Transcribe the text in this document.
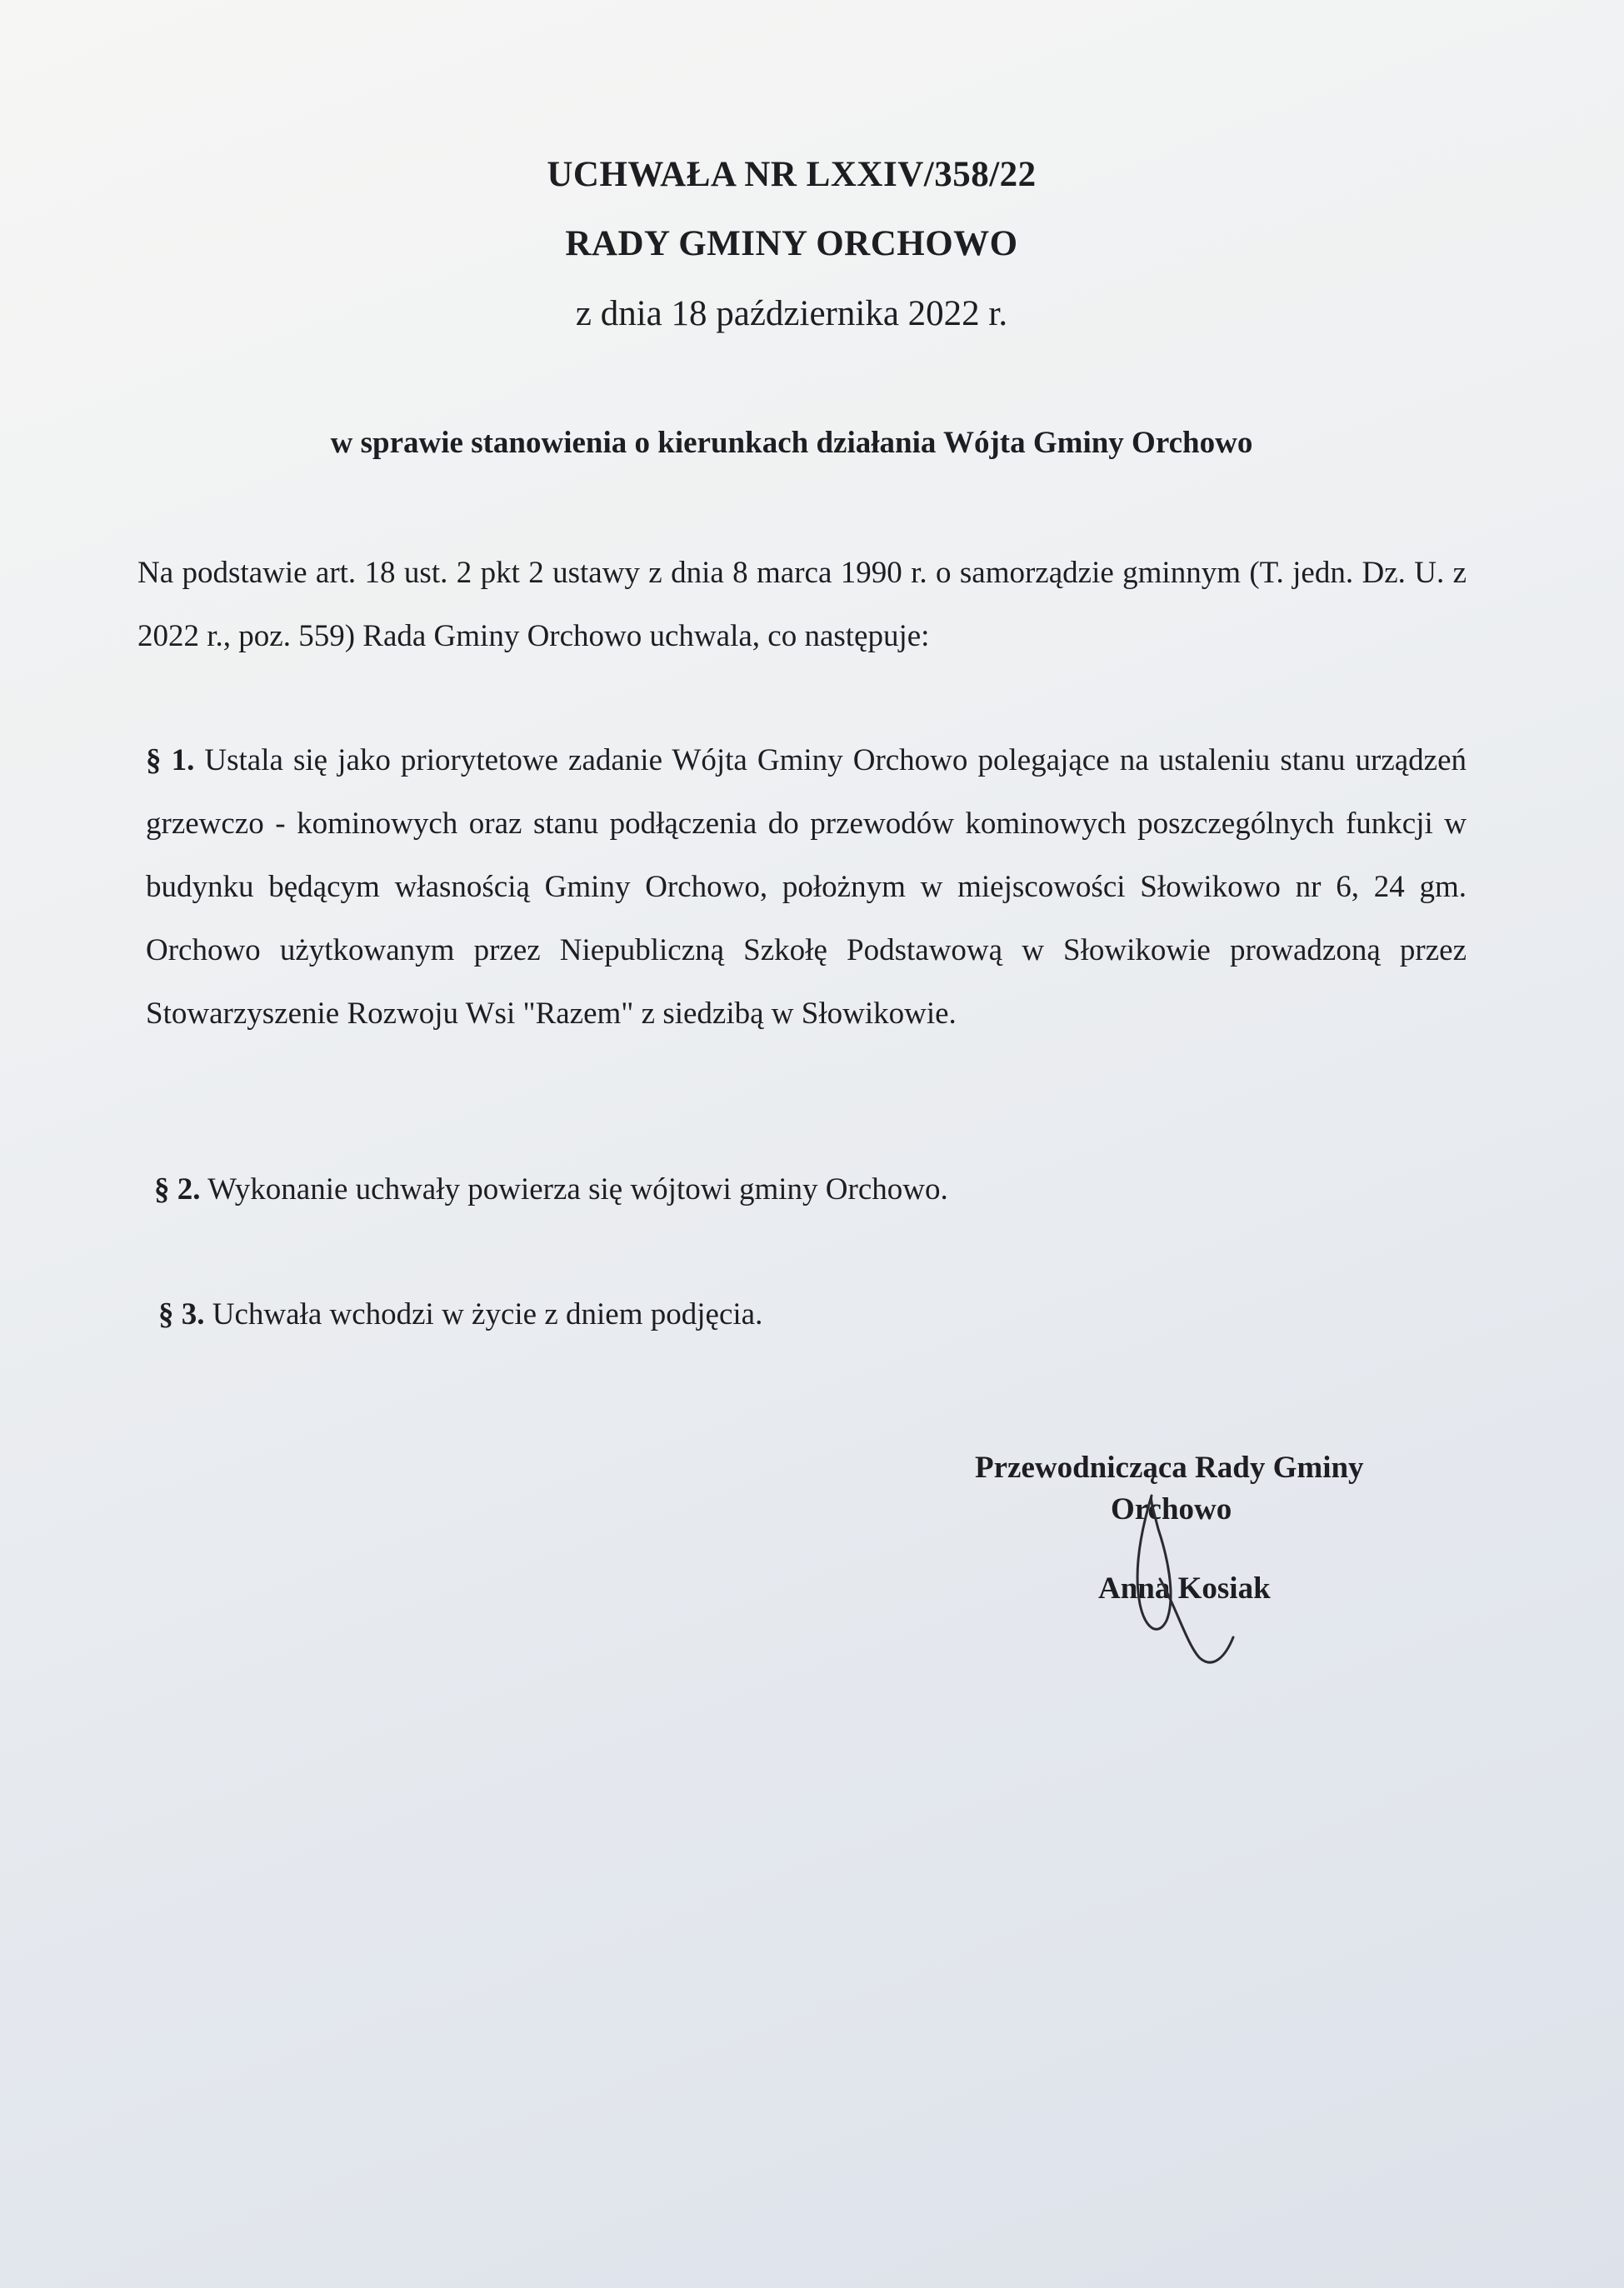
UCHWAŁA NR LXXIV/358/22
RADY GMINY ORCHOWO
z dnia 18 października 2022 r.
w sprawie stanowienia o kierunkach działania Wójta Gminy Orchowo

Na podstawie art. 18 ust. 2 pkt 2 ustawy z dnia 8 marca 1990 r. o samorządzie gminnym (T. jedn. Dz. U. z 2022 r., poz. 559) Rada Gminy Orchowo uchwala, co następuje:

§ 1. Ustala się jako priorytetowe zadanie Wójta Gminy Orchowo polegające na ustaleniu stanu urządzeń grzewczo - kominowych oraz stanu podłączenia do przewodów kominowych poszczególnych funkcji w budynku będącym własnością Gminy Orchowo, położnym w miejscowości Słowikowo nr 6, 24 gm. Orchowo użytkowanym przez Niepubliczną Szkołę Podstawową w Słowikowie prowadzoną przez Stowarzyszenie Rozwoju Wsi "Razem" z siedzibą w Słowikowie.

§ 2. Wykonanie uchwały powierza się wójtowi gminy Orchowo.

§ 3. Uchwała wchodzi w życie z dniem podjęcia.

Przewodnicząca Rady Gminy
Orchowo
Anna Kosiak
